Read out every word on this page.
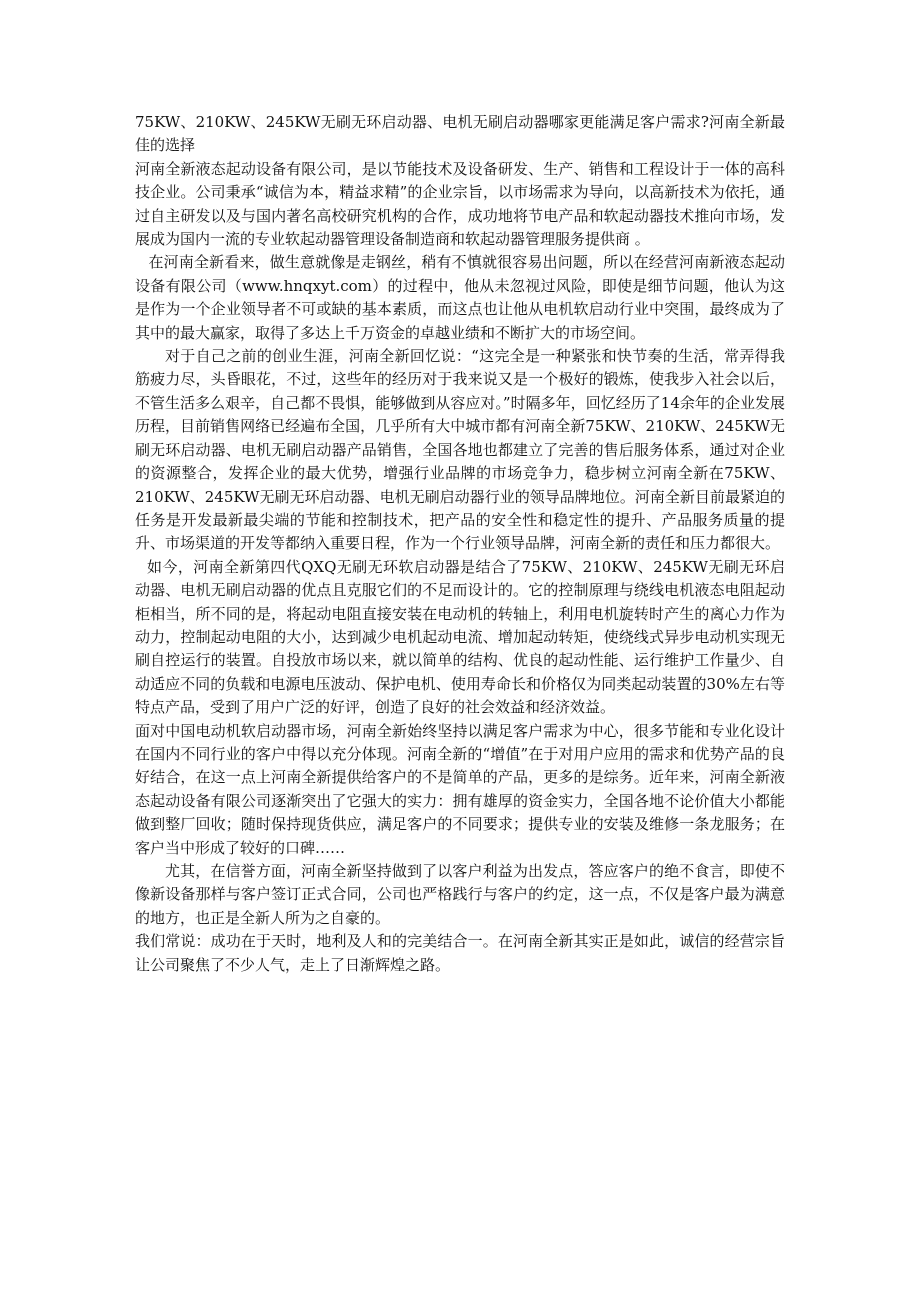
75KW、210KW、245KW无刷无环启动器、电机无刷启动器哪家更能满足客户需求?河南全新最佳的选择

河南全新液态起动设备有限公司，是以节能技术及设备研发、生产、销售和工程设计于一体的高科技企业。公司秉承“诚信为本，精益求精”的企业宗旨，以市场需求为导向，以高新技术为依托，通过自主研发以及与国内著名高校研究机构的合作，成功地将节电产品和软起动器技术推向市场，发展成为国内一流的专业软起动器管理设备制造商和软起动器管理服务提供商 。

在河南全新看来，做生意就像是走钢丝，稍有不慎就很容易出问题，所以在经营河南新液态起动设备有限公司（www.hnqxyt.com）的过程中，他从未忽视过风险，即使是细节问题，他认为这是作为一个企业领导者不可或缺的基本素质，而这点也让他从电机软启动行业中突围，最终成为了其中的最大赢家，取得了多达上千万资金的卓越业绩和不断扩大的市场空间。

对于自己之前的创业生涯，河南全新回忆说：“这完全是一种紧张和快节奏的生活，常弄得我筋疲力尽，头昏眼花，不过，这些年的经历对于我来说又是一个极好的锻炼，使我步入社会以后，不管生活多么艰辛，自己都不畏惧，能够做到从容应对。”时隔多年，回忆经历了14余年的企业发展历程，目前销售网络已经遍布全国，几乎所有大中城市都有河南全新75KW、210KW、245KW无刷无环启动器、电机无刷启动器产品销售，全国各地也都建立了完善的售后服务体系，通过对企业的资源整合，发挥企业的最大优势，增强行业品牌的市场竞争力，稳步树立河南全新在75KW、210KW、245KW无刷无环启动器、电机无刷启动器行业的领导品牌地位。河南全新目前最紧迫的任务是开发最新最尖端的节能和控制技术，把产品的安全性和稳定性的提升、产品服务质量的提升、市场渠道的开发等都纳入重要日程，作为一个行业领导品牌，河南全新的责任和压力都很大。

如今，河南全新第四代QXQ无刷无环软启动器是结合了75KW、210KW、245KW无刷无环启动器、电机无刷启动器的优点且克服它们的不足而设计的。它的控制原理与绕线电机液态电阻起动柜相当，所不同的是，将起动电阻直接安装在电动机的转轴上，利用电机旋转时产生的离心力作为动力，控制起动电阻的大小，达到减少电机起动电流、增加起动转矩，使绕线式异步电动机实现无刷自控运行的装置。自投放市场以来，就以简单的结构、优良的起动性能、运行维护工作量少、自动适应不同的负载和电源电压波动、保护电机、使用寿命长和价格仅为同类起动装置的30%左右等特点产品，受到了用户广泛的好评，创造了良好的社会效益和经济效益。

面对中国电动机软启动器市场，河南全新始终坚持以满足客户需求为中心，很多节能和专业化设计在国内不同行业的客户中得以充分体现。河南全新的“增值”在于对用户应用的需求和优势产品的良好结合，在这一点上河南全新提供给客户的不是简单的产品，更多的是综务。近年来，河南全新液态起动设备有限公司逐渐突出了它强大的实力：拥有雄厚的资金实力，全国各地不论价值大小都能做到整厂回收；随时保持现货供应，满足客户的不同要求；提供专业的安装及维修一条龙服务；在客户当中形成了较好的口碑……

尤其，在信誉方面，河南全新坚持做到了以客户利益为出发点，答应客户的绝不食言，即使不像新设备那样与客户签订正式合同，公司也严格践行与客户的约定，这一点，不仅是客户最为满意的地方，也正是全新人所为之自豪的。

我们常说：成功在于天时，地利及人和的完美结合一。在河南全新其实正是如此，诚信的经营宗旨让公司聚焦了不少人气，走上了日渐辉煌之路。
